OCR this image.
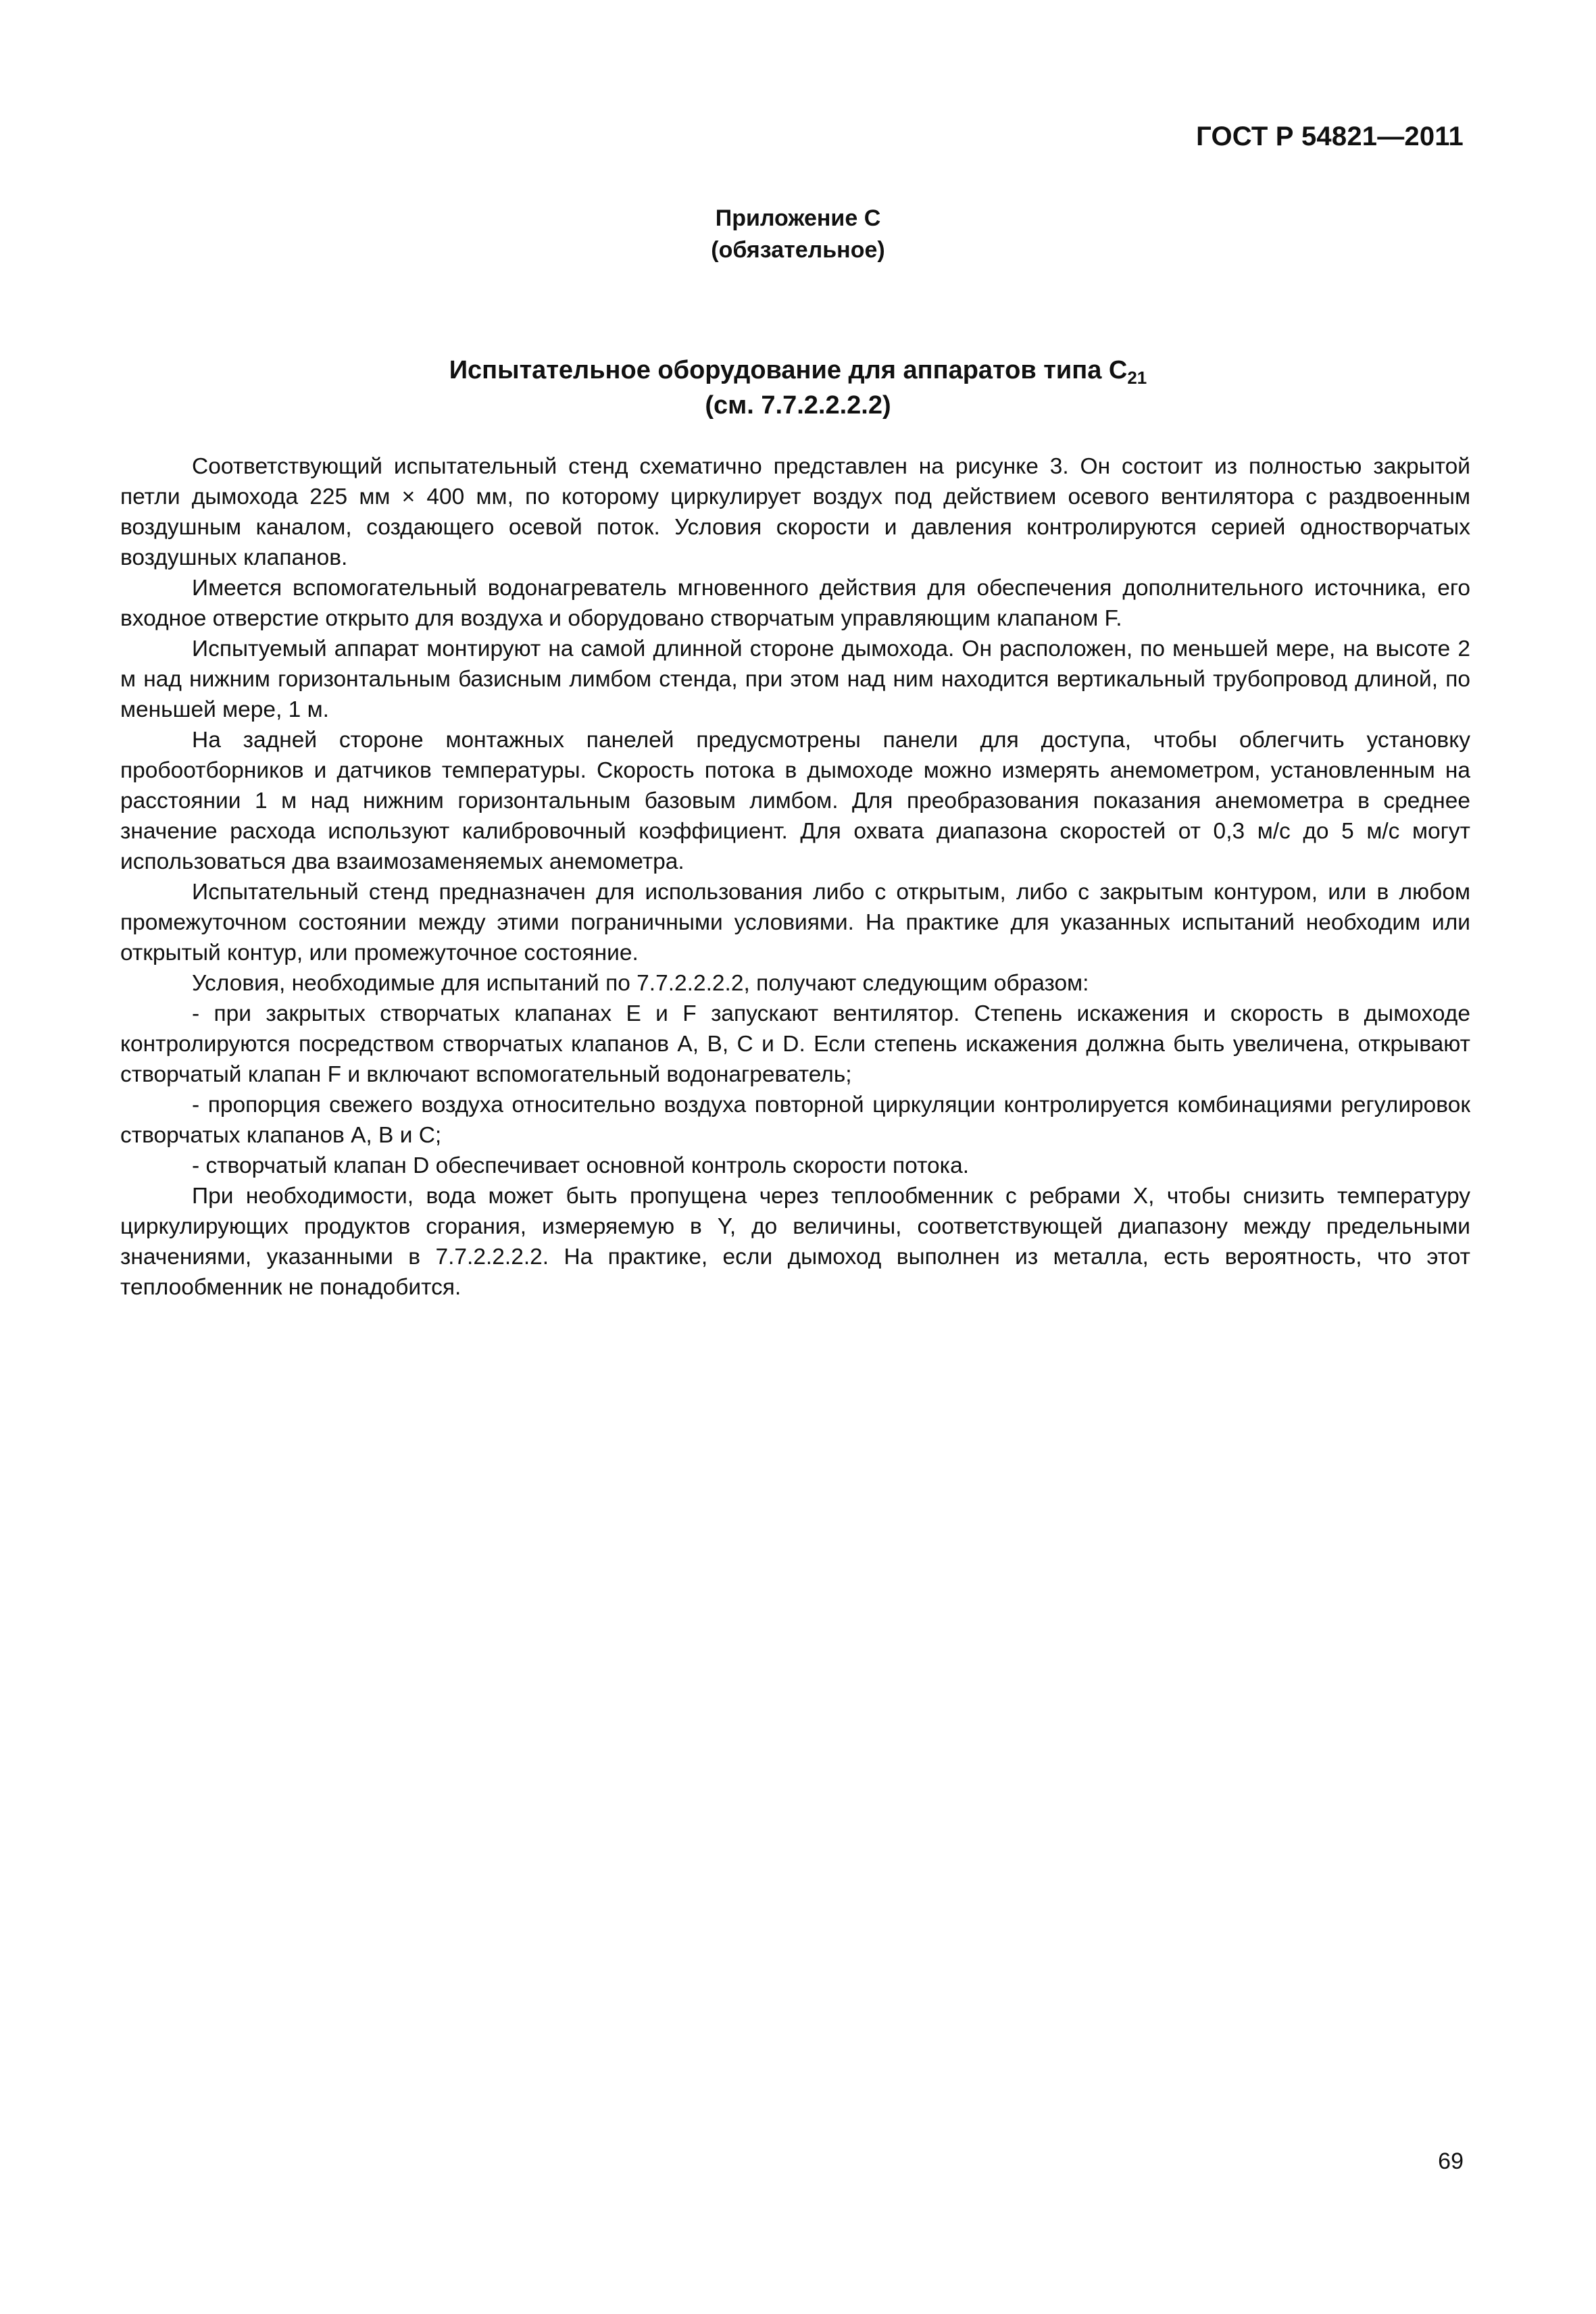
ГОСТ Р 54821—2011
Приложение С
(обязательное)
Испытательное оборудование для аппаратов типа $С_{21}$
(см. 7.7.2.2.2.2)

Соответствующий испытательный стенд схематично представлен на рисунке 3. Он состоит из полностью закрытой петли дымохода 225 мм × 400 мм, по которому циркулирует воздух под действием осевого вентилятора с раздвоенным воздушным каналом, создающего осевой поток. Условия скорости и давления контролируются серией одностворчатых воздушных клапанов.

Имеется вспомогательный водонагреватель мгновенного действия для обеспечения дополнительного источника, его входное отверстие открыто для воздуха и оборудовано створчатым управляющим клапаном F.

Испытуемый аппарат монтируют на самой длинной стороне дымохода. Он расположен, по меньшей мере, на высоте 2 м над нижним горизонтальным базисным лимбом стенда, при этом над ним находится вертикальный трубопровод длиной, по меньшей мере, 1 м.

На задней стороне монтажных панелей предусмотрены панели для доступа, чтобы облегчить установку пробоотборников и датчиков температуры. Скорость потока в дымоходе можно измерять анемометром, установленным на расстоянии 1 м над нижним горизонтальным базовым лимбом. Для преобразования показания анемометра в среднее значение расхода используют калибровочный коэффициент. Для охвата диапазона скоростей от 0,3 м/с до 5 м/с могут использоваться два взаимозаменяемых анемометра.

Испытательный стенд предназначен для использования либо с открытым, либо с закрытым контуром, или в любом промежуточном состоянии между этими пограничными условиями. На практике для указанных испытаний необходим или открытый контур, или промежуточное состояние.

Условия, необходимые для испытаний по 7.7.2.2.2.2, получают следующим образом:

- при закрытых створчатых клапанах Е и F запускают вентилятор. Степень искажения и скорость в дымоходе контролируются посредством створчатых клапанов А, В, С и D. Если степень искажения должна быть увеличена, открывают створчатый клапан F и включают вспомогательный водонагреватель;

- пропорция свежего воздуха относительно воздуха повторной циркуляции контролируется комбинациями регулировок створчатых клапанов А, В и С;

- створчатый клапан D обеспечивает основной контроль скорости потока.

При необходимости, вода может быть пропущена через теплообменник с ребрами X, чтобы снизить температуру циркулирующих продуктов сгорания, измеряемую в Y, до величины, соответствующей диапазону между предельными значениями, указанными в 7.7.2.2.2.2. На практике, если дымоход выполнен из металла, есть вероятность, что этот теплообменник не понадобится.

69
